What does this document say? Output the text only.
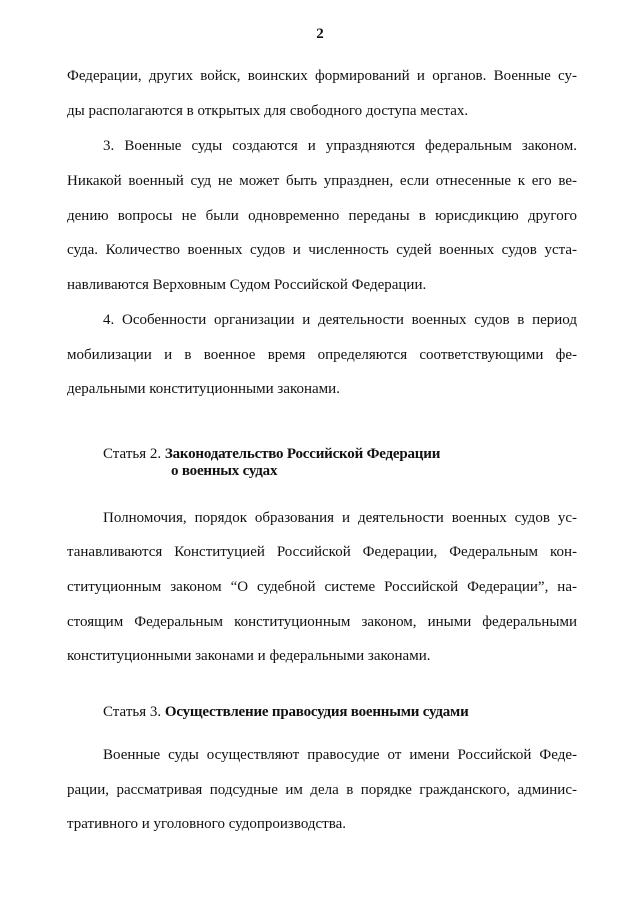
2
Федерации, других войск, воинских формирований и органов. Военные су-
ды располагаются в открытых для свободного доступа местах.
3. Военные суды создаются и упраздняются федеральным законом.
Никакой военный суд не может быть упразднен, если отнесенные к его ве-
дению вопросы не были одновременно переданы в юрисдикцию другого
суда. Количество военных судов и численность судей военных судов уста-
навливаются Верховным Судом Российской Федерации.
4. Особенности организации и деятельности военных судов в период
мобилизации и в военное время определяются соответствующими фе-
деральными конституционными законами.
Статья 2. Законодательство Российской Федерации
о военных судах
Полномочия, порядок образования и деятельности военных судов ус-
танавливаются Конституцией Российской Федерации, Федеральным кон-
ституционным законом “О судебной системе Российской Федерации”, на-
стоящим Федеральным конституционным законом, иными федеральными
конституционными законами и федеральными законами.
Статья 3. Осуществление правосудия военными судами
Военные суды осуществляют правосудие от имени Российской Феде-
рации, рассматривая подсудные им дела в порядке гражданского, админис-
тративного и уголовного судопроизводства.
